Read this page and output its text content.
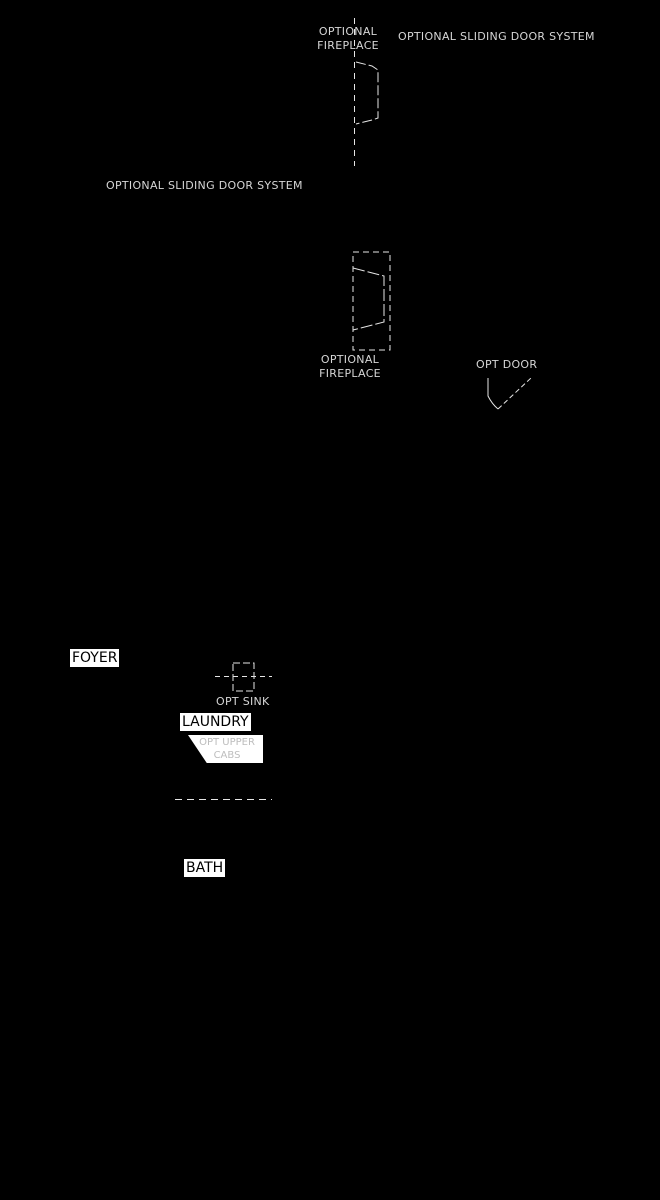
OPTIONAL
FIREPLACE
OPTIONAL SLIDING DOOR SYSTEM
OPTIONAL SLIDING DOOR SYSTEM
OPTIONAL
FIREPLACE
OPT DOOR
OPT SINK
FOYER
LAUNDRY
OPT UPPER
CABS
BATH
